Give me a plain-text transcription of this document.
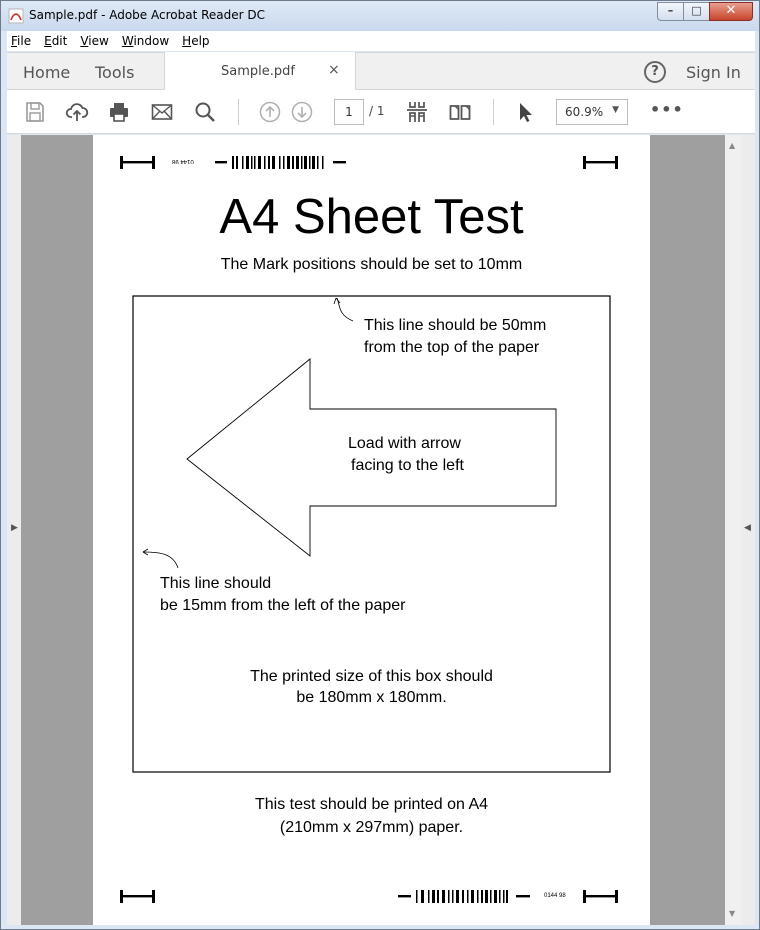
Sample.pdf - Adobe Acrobat Reader DC	–	□	✕
File Edit View Window Help
Home Tools	Sample.pdf ×	?	Sign In
1	/ 1	60.9% ▼ •••
▶
0144 98
0144 98
A4 Sheet Test
The Mark positions should be set to 10mm
This line should be 50mm
from the top of the paper
Load with arrow
facing to the left
This line should
be 15mm from the left of the paper
The printed size of this box should
be 180mm x 180mm.
This test should be printed on A4
(210mm x 297mm) paper.
▲
▼
◀
